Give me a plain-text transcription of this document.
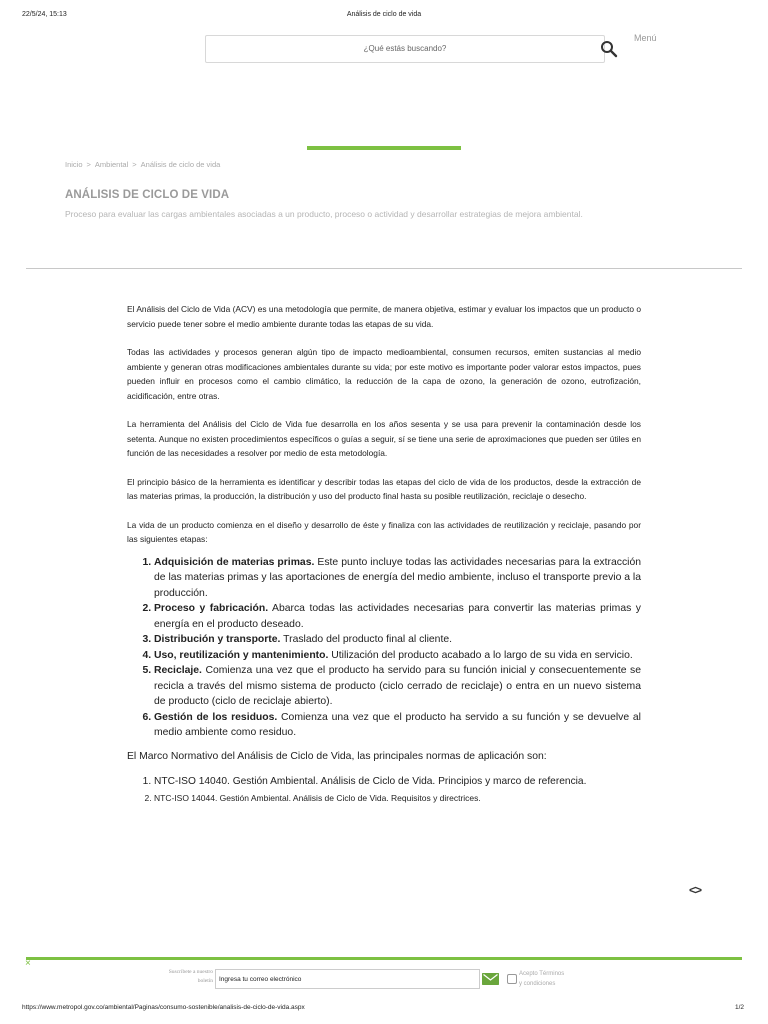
22/5/24, 15:13	Análisis de ciclo de vida
¿Qué estás buscando?
Menú
Inicio > Ambiental > Análisis de ciclo de vida
ANÁLISIS DE CICLO DE VIDA
Proceso para evaluar las cargas ambientales asociadas a un producto, proceso o actividad y desarrollar estrategias de mejora ambiental.

El Análisis del Ciclo de Vida (ACV) es una metodología que permite, de manera objetiva, estimar y evaluar los impactos que un producto o servicio puede tener sobre el medio ambiente durante todas las etapas de su vida.

Todas las actividades y procesos generan algún tipo de impacto medioambiental, consumen recursos, emiten sustancias al medio ambiente y generan otras modificaciones ambientales durante su vida; por este motivo es importante poder valorar estos impactos, pues pueden influir en procesos como el cambio climático, la reducción de la capa de ozono, la generación de ozono, eutrofización, acidificación, entre otras.

La herramienta del Análisis del Ciclo de Vida fue desarrolla en los años sesenta y se usa para prevenir la contaminación desde los setenta. Aunque no existen procedimientos específicos o guías a seguir, sí se tiene una serie de aproximaciones que pueden ser útiles en función de las necesidades a resolver por medio de esta metodología.

El principio básico de la herramienta es identificar y describir todas las etapas del ciclo de vida de los productos, desde la extracción de las materias primas, la producción, la distribución y uso del producto final hasta su posible reutilización, reciclaje o desecho.

La vida de un producto comienza en el diseño y desarrollo de éste y finaliza con las actividades de reutilización y reciclaje, pasando por las siguientes etapas:

1. Adquisición de materias primas. Este punto incluye todas las actividades necesarias para la extracción de las materias primas y las aportaciones de energía del medio ambiente, incluso el transporte previo a la producción.
2. Proceso y fabricación. Abarca todas las actividades necesarias para convertir las materias primas y energía en el producto deseado.
3. Distribución y transporte. Traslado del producto final al cliente.
4. Uso, reutilización y mantenimiento. Utilización del producto acabado a lo largo de su vida en servicio.
5. Reciclaje. Comienza una vez que el producto ha servido para su función inicial y consecuentemente se recicla a través del mismo sistema de producto (ciclo cerrado de reciclaje) o entra en un nuevo sistema de producto (ciclo de reciclaje abierto).
6. Gestión de los residuos. Comienza una vez que el producto ha servido a su función y se devuelve al medio ambiente como residuo.

El Marco Normativo del Análisis de Ciclo de Vida, las principales normas de aplicación son:

1. NTC-ISO 14040. Gestión Ambiental. Análisis de Ciclo de Vida. Principios y marco de referencia.
2. NTC-ISO 14044. Gestión Ambiental. Análisis de Ciclo de Vida. Requisitos y directrices.
<>
×
Suscríbete a nuestro boletín Ingresa tu correo electrónico
Acepto Términos
y condiciones
https://www.metropol.gov.co/ambiental/Paginas/consumo-sostenible/analisis-de-ciclo-de-vida.aspx	1/2
